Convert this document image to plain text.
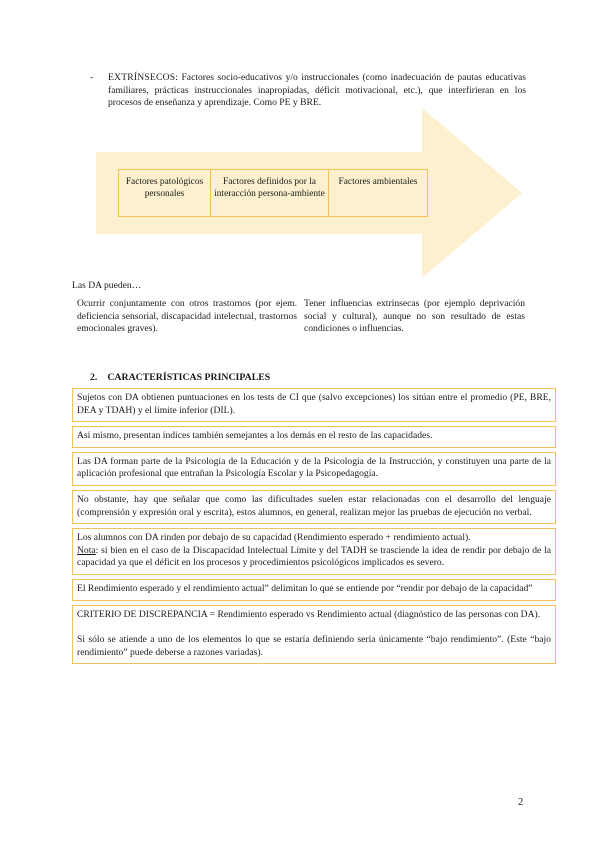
- EXTRÍNSECOS: Factores socio-educativos y/o instruccionales (como inadecuación de pautas educativas familiares, prácticas instruccionales inapropiadas, déficit motivacional, etc.), que interfirieran en los procesos de enseñanza y aprendizaje. Como PE y BRE.
Factores patológicos personales
Factores definidos por la interacción persona-ambiente
Factores ambientales
Las DA pueden…
Ocurrir conjuntamente con otros trastornos (por ejem. deficiencia sensorial, discapacidad intelectual, trastornos emocionales graves).
Tener influencias extrínsecas (por ejemplo deprivación social y cultural), aunque no son resultado de estas condiciones o influencias.
2. CARACTERÍSTICAS PRINCIPALES

Sujetos con DA obtienen puntuaciones en los tests de CI que (salvo excepciones) los sitúan entre el promedio (PE, BRE, DEA y TDAH) y el límite inferior (DIL).

Así mismo, presentan índices también semejantes a los demás en el resto de las capacidades.

Las DA forman parte de la Psicología de la Educación y de la Psicología de la Instrucción, y constituyen una parte de la aplicación profesional que entrañan la Psicología Escolar y la Psicopedagogía.

No obstante, hay que señalar que como las dificultades suelen estar relacionadas con el desarrollo del lenguaje (comprensión y expresión oral y escrita), estos alumnos, en general, realizan mejor las pruebas de ejecución no verbal.

Los alumnos con DA rinden por debajo de su capacidad (Rendimiento esperado + rendimiento actual).

Nota: si bien en el caso de la Discapacidad Intelectual Límite y del TADH se trasciende la idea de rendir por debajo de la capacidad ya que el déficit en los procesos y procedimientos psicológicos implicados es severo.

El Rendimiento esperado y el rendimiento actual” delimitan lo que se entiende por “rendir por debajo de la capacidad”

CRITERIO DE DISCREPANCIA = Rendimiento esperado vs Rendimiento actual (diagnóstico de las personas con DA).

Si sólo se atiende a uno de los elementos lo que se estaría definiendo sería únicamente “bajo rendimiento”. (Este “bajo rendimiento” puede deberse a razones variadas).

2
